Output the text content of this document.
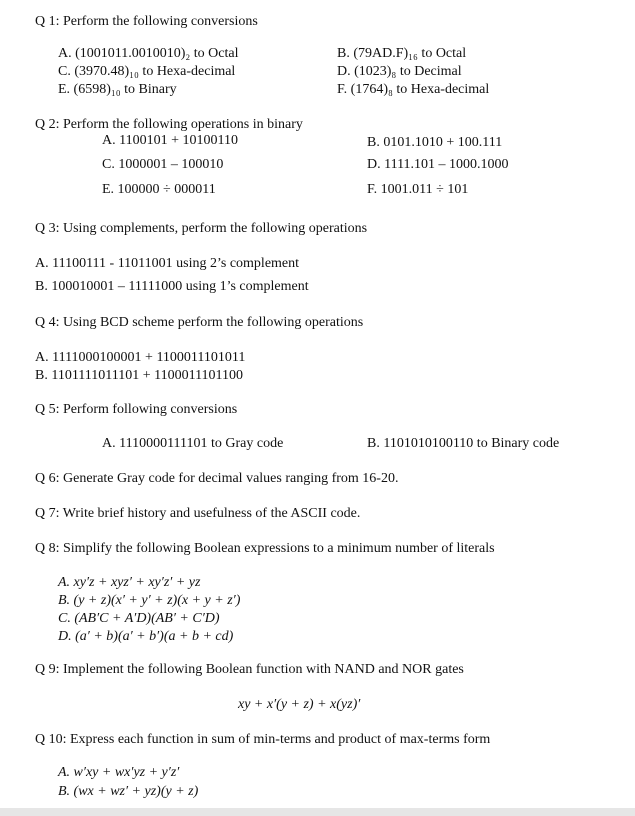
Q 1: Perform the following conversions
A. (1001011.0010010)₂ to Octal	B. (79AD.F)₁₆ to Octal
C. (3970.48)₁₀ to Hexa-decimal	D. (1023)₈ to Decimal
E. (6598)₁₀ to Binary	F. (1764)₈ to Hexa-decimal
Q 2: Perform the following operations in binary
A. 1100101 + 10100110	B. 0101.1010 + 100.111
C. 1000001 – 100010	D. 1111.101 – 1000.1000
E. 100000 ÷ 000011	F. 1001.011 ÷ 101
Q 3: Using complements, perform the following operations
A. 11100111 - 11011001 using 2’s complement
B. 100010001 – 11111000 using 1’s complement
Q 4: Using BCD scheme perform the following operations
A. 1111000100001 + 1100011101011
B. 1101111011101 + 1100011101100
Q 5: Perform following conversions
A. 1110000111101 to Gray code	B. 1101010100110 to Binary code
Q 6: Generate Gray code for decimal values ranging from 16-20.
Q 7: Write brief history and usefulness of the ASCII code.
Q 8: Simplify the following Boolean expressions to a minimum number of literals
A. xy′z + xyz′ + xy′z′ + yz
B. (y + z)(x′ + y′ + z)(x + y + z′)
C. (AB′C + A′D)(AB′ + C′D)
D. (a′ + b)(a′ + b′)(a + b + cd)
Q 9: Implement the following Boolean function with NAND and NOR gates
xy + x′(y + z) + x(yz)′
Q 10: Express each function in sum of min-terms and product of max-terms form
A. w′xy + wx′yz + y′z′
B. (wx + wz′ + yz)(y + z)
